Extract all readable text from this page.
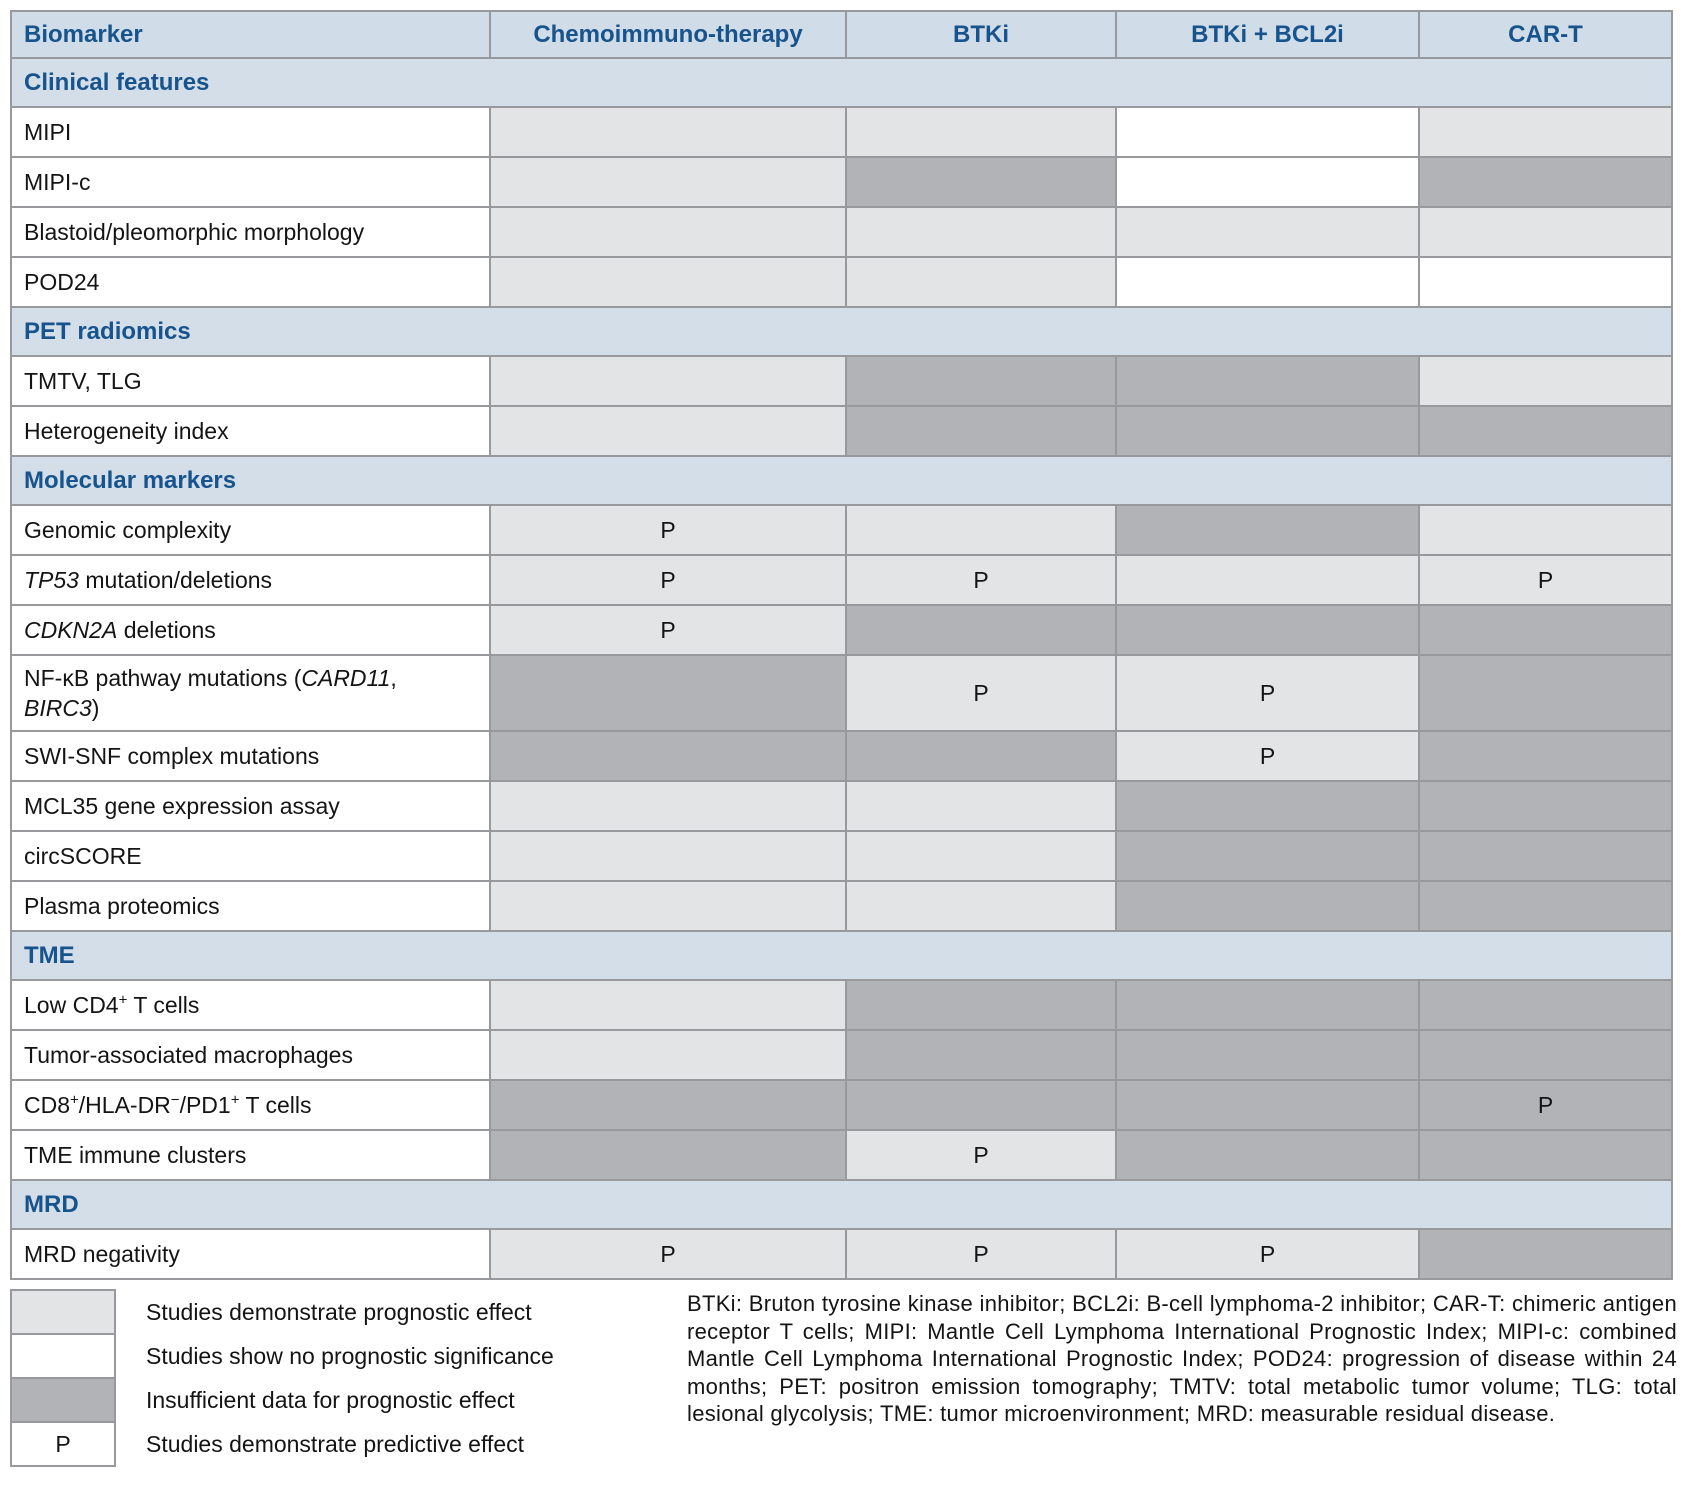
Biomarker	Chemoimmuno-therapy	BTKi	BTKi + BCL2i	CAR-T
Clinical features				
MIPI				
MIPI-c				
Blastoid/pleomorphic morphology				
POD24				
PET radiomics				
TMTV, TLG				
Heterogeneity index				
Molecular markers				
Genomic complexity	P			
TP53 mutation/deletions	P	P		P
CDKN2A deletions	P			
NF-κB pathway mutations (CARD11, BIRC3)		P	P	
SWI-SNF complex mutations			P	
MCL35 gene expression assay				
circSCORE				
Plasma proteomics				
TME				
Low CD4+ T cells				
Tumor-associated macrophages				
CD8+/HLA-DR−/PD1+ T cells				P
TME immune clusters		P		
MRD				
MRD negativity	P	P	P	
Studies demonstrate prognostic effect
Studies show no prognostic significance
Insufficient data for prognostic effect
P	Studies demonstrate predictive effect

BTKi: Bruton tyrosine kinase inhibitor; BCL2i: B-cell lymphoma-2 inhibitor; CAR-T: chimeric antigen receptor T cells; MIPI: Mantle Cell Lymphoma International Prognostic Index; MIPI-c: combined Mantle Cell Lymphoma International Prognostic Index; POD24: progression of disease within 24 months; PET: positron emission tomography; TMTV: total metabolic tumor volume; TLG: total lesional glycolysis; TME: tumor microenvironment; MRD: measurable residual disease.
